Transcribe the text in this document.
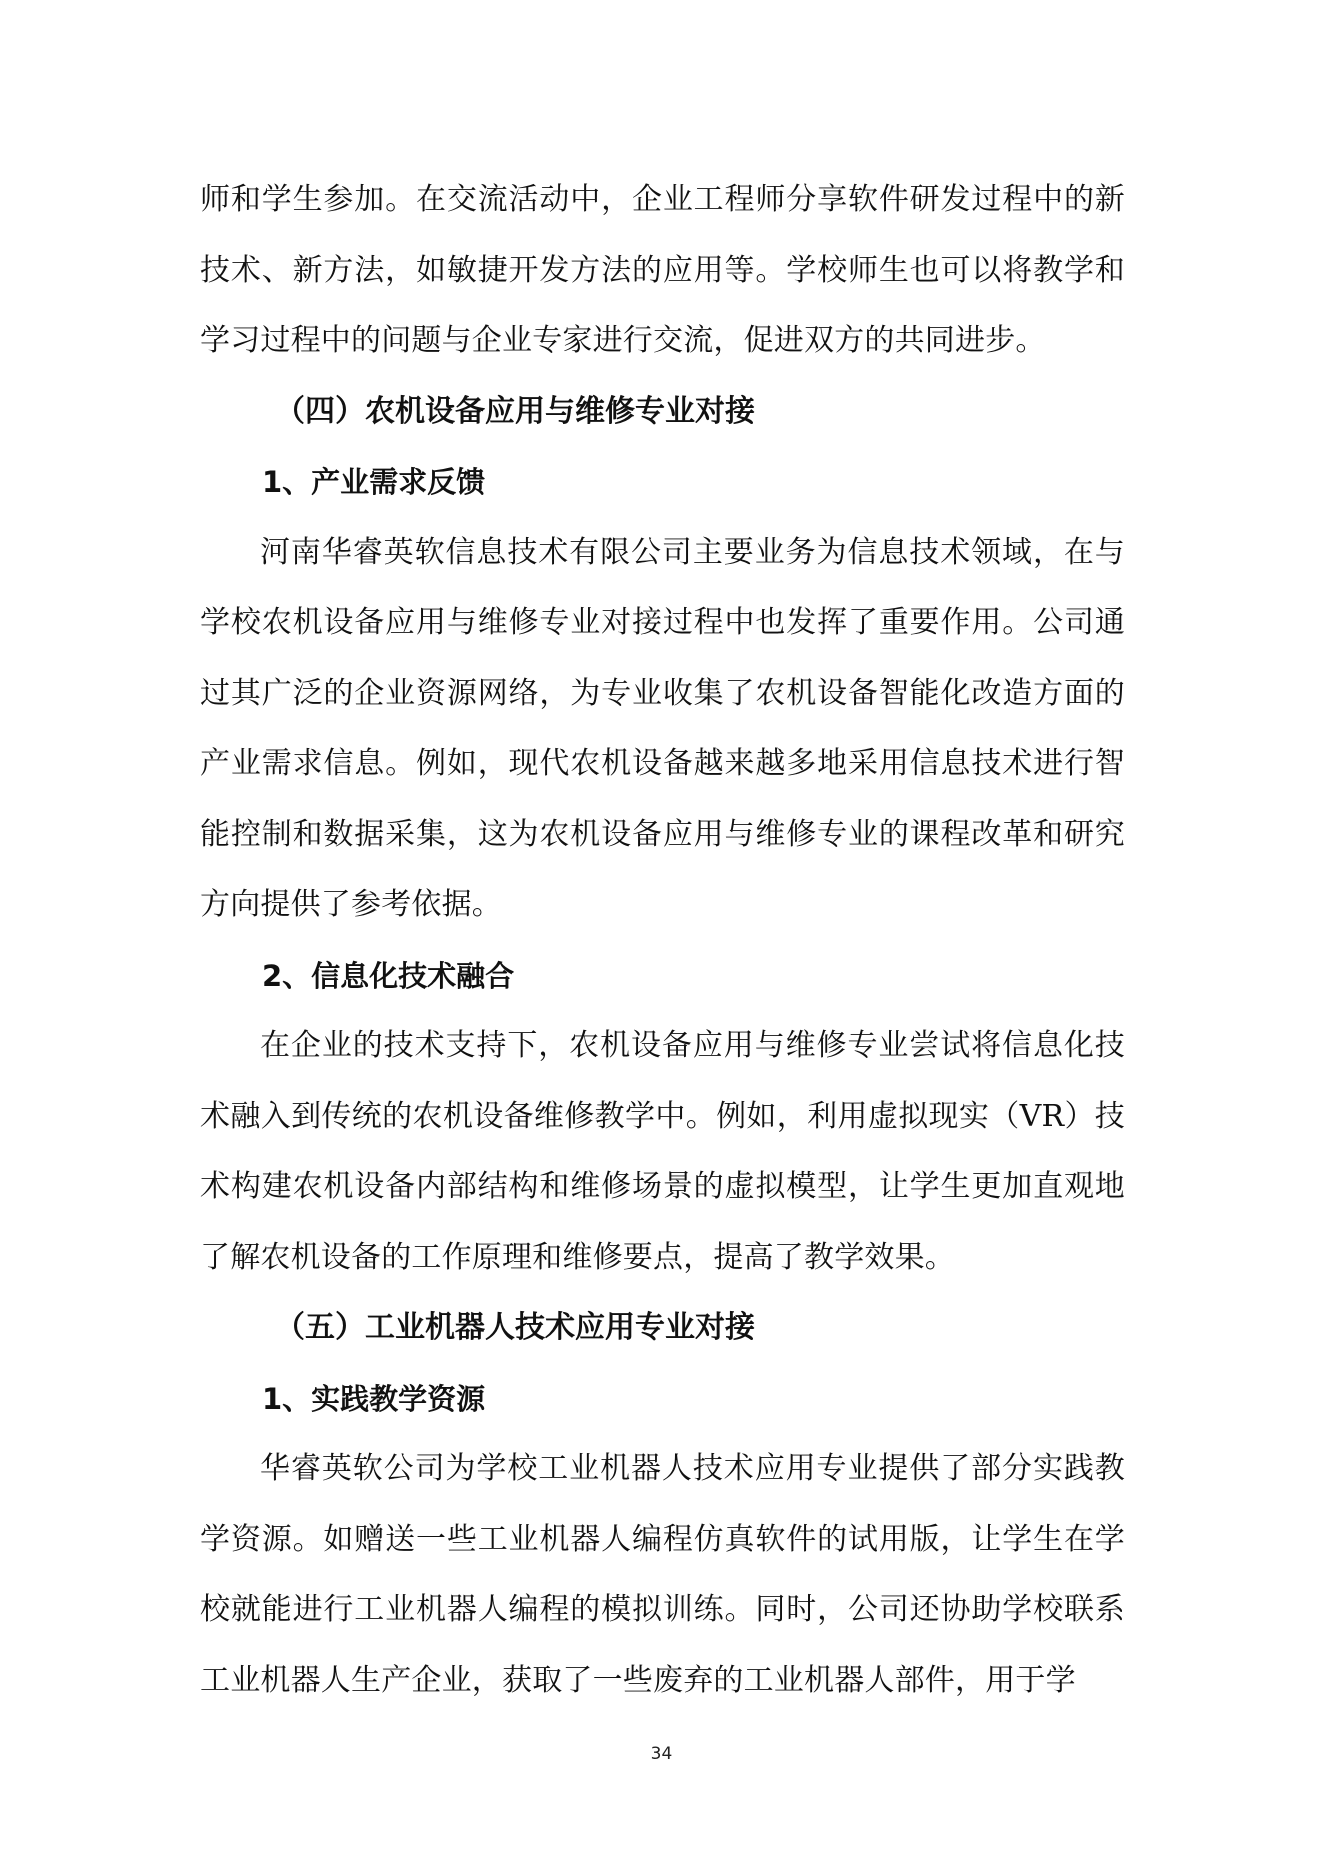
师和学生参加。在交流活动中，企业工程师分享软件研发过程中的新技术、新方法，如敏捷开发方法的应用等。学校师生也可以将教学和学习过程中的问题与企业专家进行交流，促进双方的共同进步。

（四）农机设备应用与维修专业对接
1、产业需求反馈

河南华睿英软信息技术有限公司主要业务为信息技术领域，在与学校农机设备应用与维修专业对接过程中也发挥了重要作用。公司通过其广泛的企业资源网络，为专业收集了农机设备智能化改造方面的产业需求信息。例如，现代农机设备越来越多地采用信息技术进行智能控制和数据采集，这为农机设备应用与维修专业的课程改革和研究方向提供了参考依据。

2、信息化技术融合

在企业的技术支持下，农机设备应用与维修专业尝试将信息化技术融入到传统的农机设备维修教学中。例如，利用虚拟现实（VR）技术构建农机设备内部结构和维修场景的虚拟模型，让学生更加直观地了解农机设备的工作原理和维修要点，提高了教学效果。

（五）工业机器人技术应用专业对接
1、实践教学资源

华睿英软公司为学校工业机器人技术应用专业提供了部分实践教学资源。如赠送一些工业机器人编程仿真软件的试用版，让学生在学校就能进行工业机器人编程的模拟训练。同时，公司还协助学校联系工业机器人生产企业，获取了一些废弃的工业机器人部件，用于学

34
